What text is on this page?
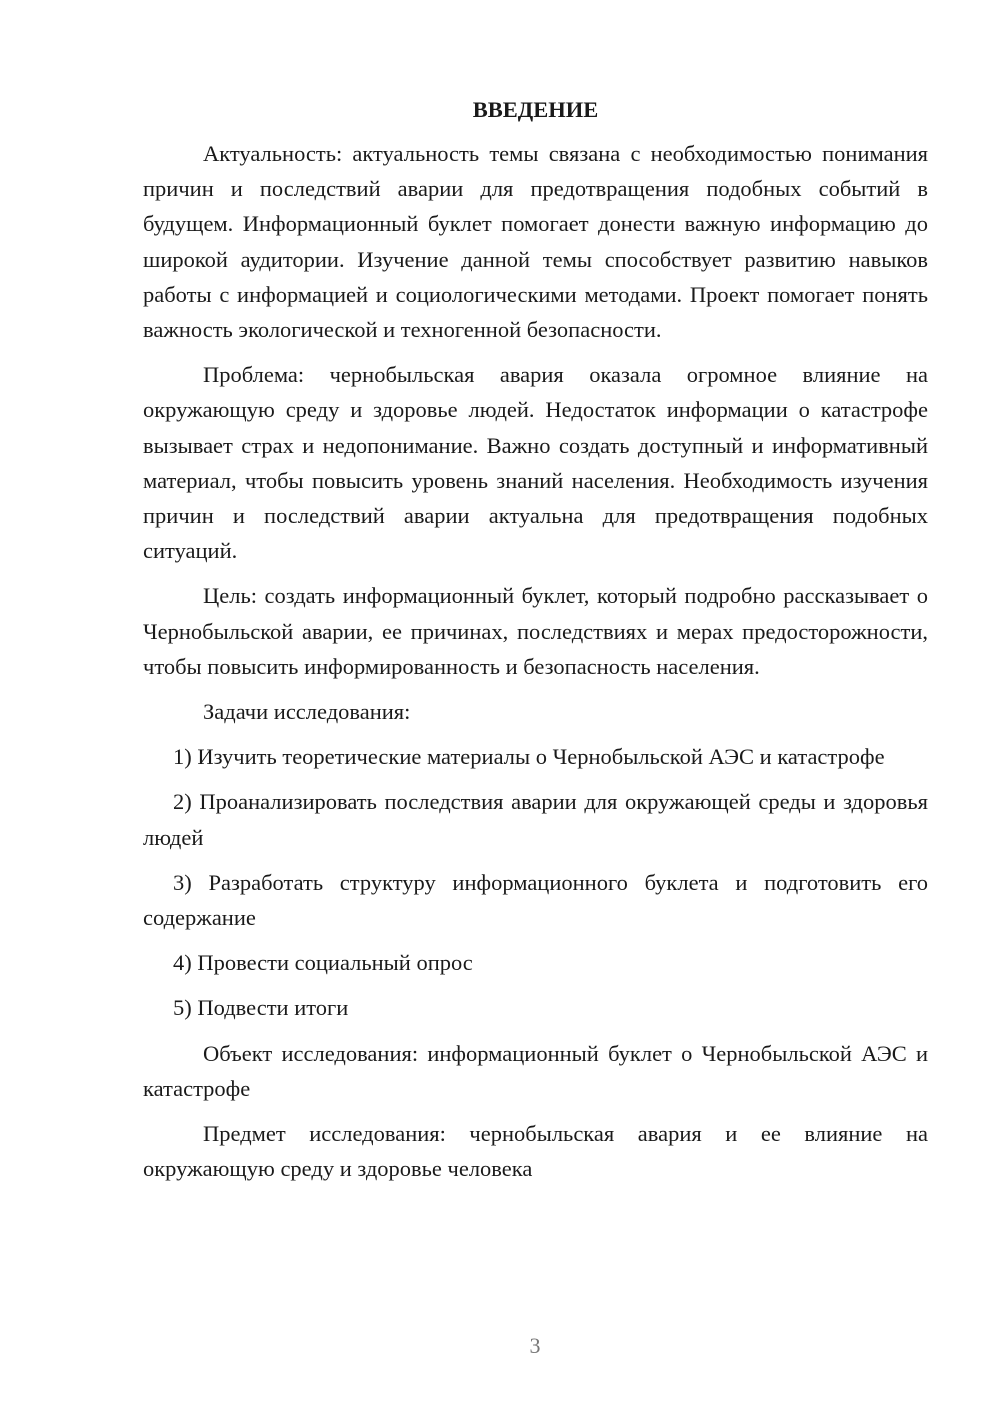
ВВЕДЕНИЕ

Актуальность: актуальность темы связана с необходимостью понимания причин и последствий аварии для предотвращения подобных событий в будущем. Информационный буклет помогает донести важную информацию до широкой аудитории. Изучение данной темы способствует развитию навыков работы с информацией и социологическими методами. Проект помогает понять важность экологической и техногенной безопасности.

Проблема: чернобыльская авария оказала огромное влияние на окружающую среду и здоровье людей. Недостаток информации о катастрофе вызывает страх и недопонимание. Важно создать доступный и информативный материал, чтобы повысить уровень знаний населения. Необходимость изучения причин и последствий аварии актуальна для предотвращения подобных ситуаций.

Цель: создать информационный буклет, который подробно рассказывает о Чернобыльской аварии, ее причинах, последствиях и мерах предосторожности, чтобы повысить информированность и безопасность населения.

Задачи исследования:

1) Изучить теоретические материалы о Чернобыльской АЭС и катастрофе

2) Проанализировать последствия аварии для окружающей среды и здоровья людей

3) Разработать структуру информационного буклета и подготовить его содержание

4) Провести социальный опрос

5) Подвести итоги

Объект исследования: информационный буклет о Чернобыльской АЭС и катастрофе

Предмет исследования: чернобыльская авария и ее влияние на окружающую среду и здоровье человека

3
